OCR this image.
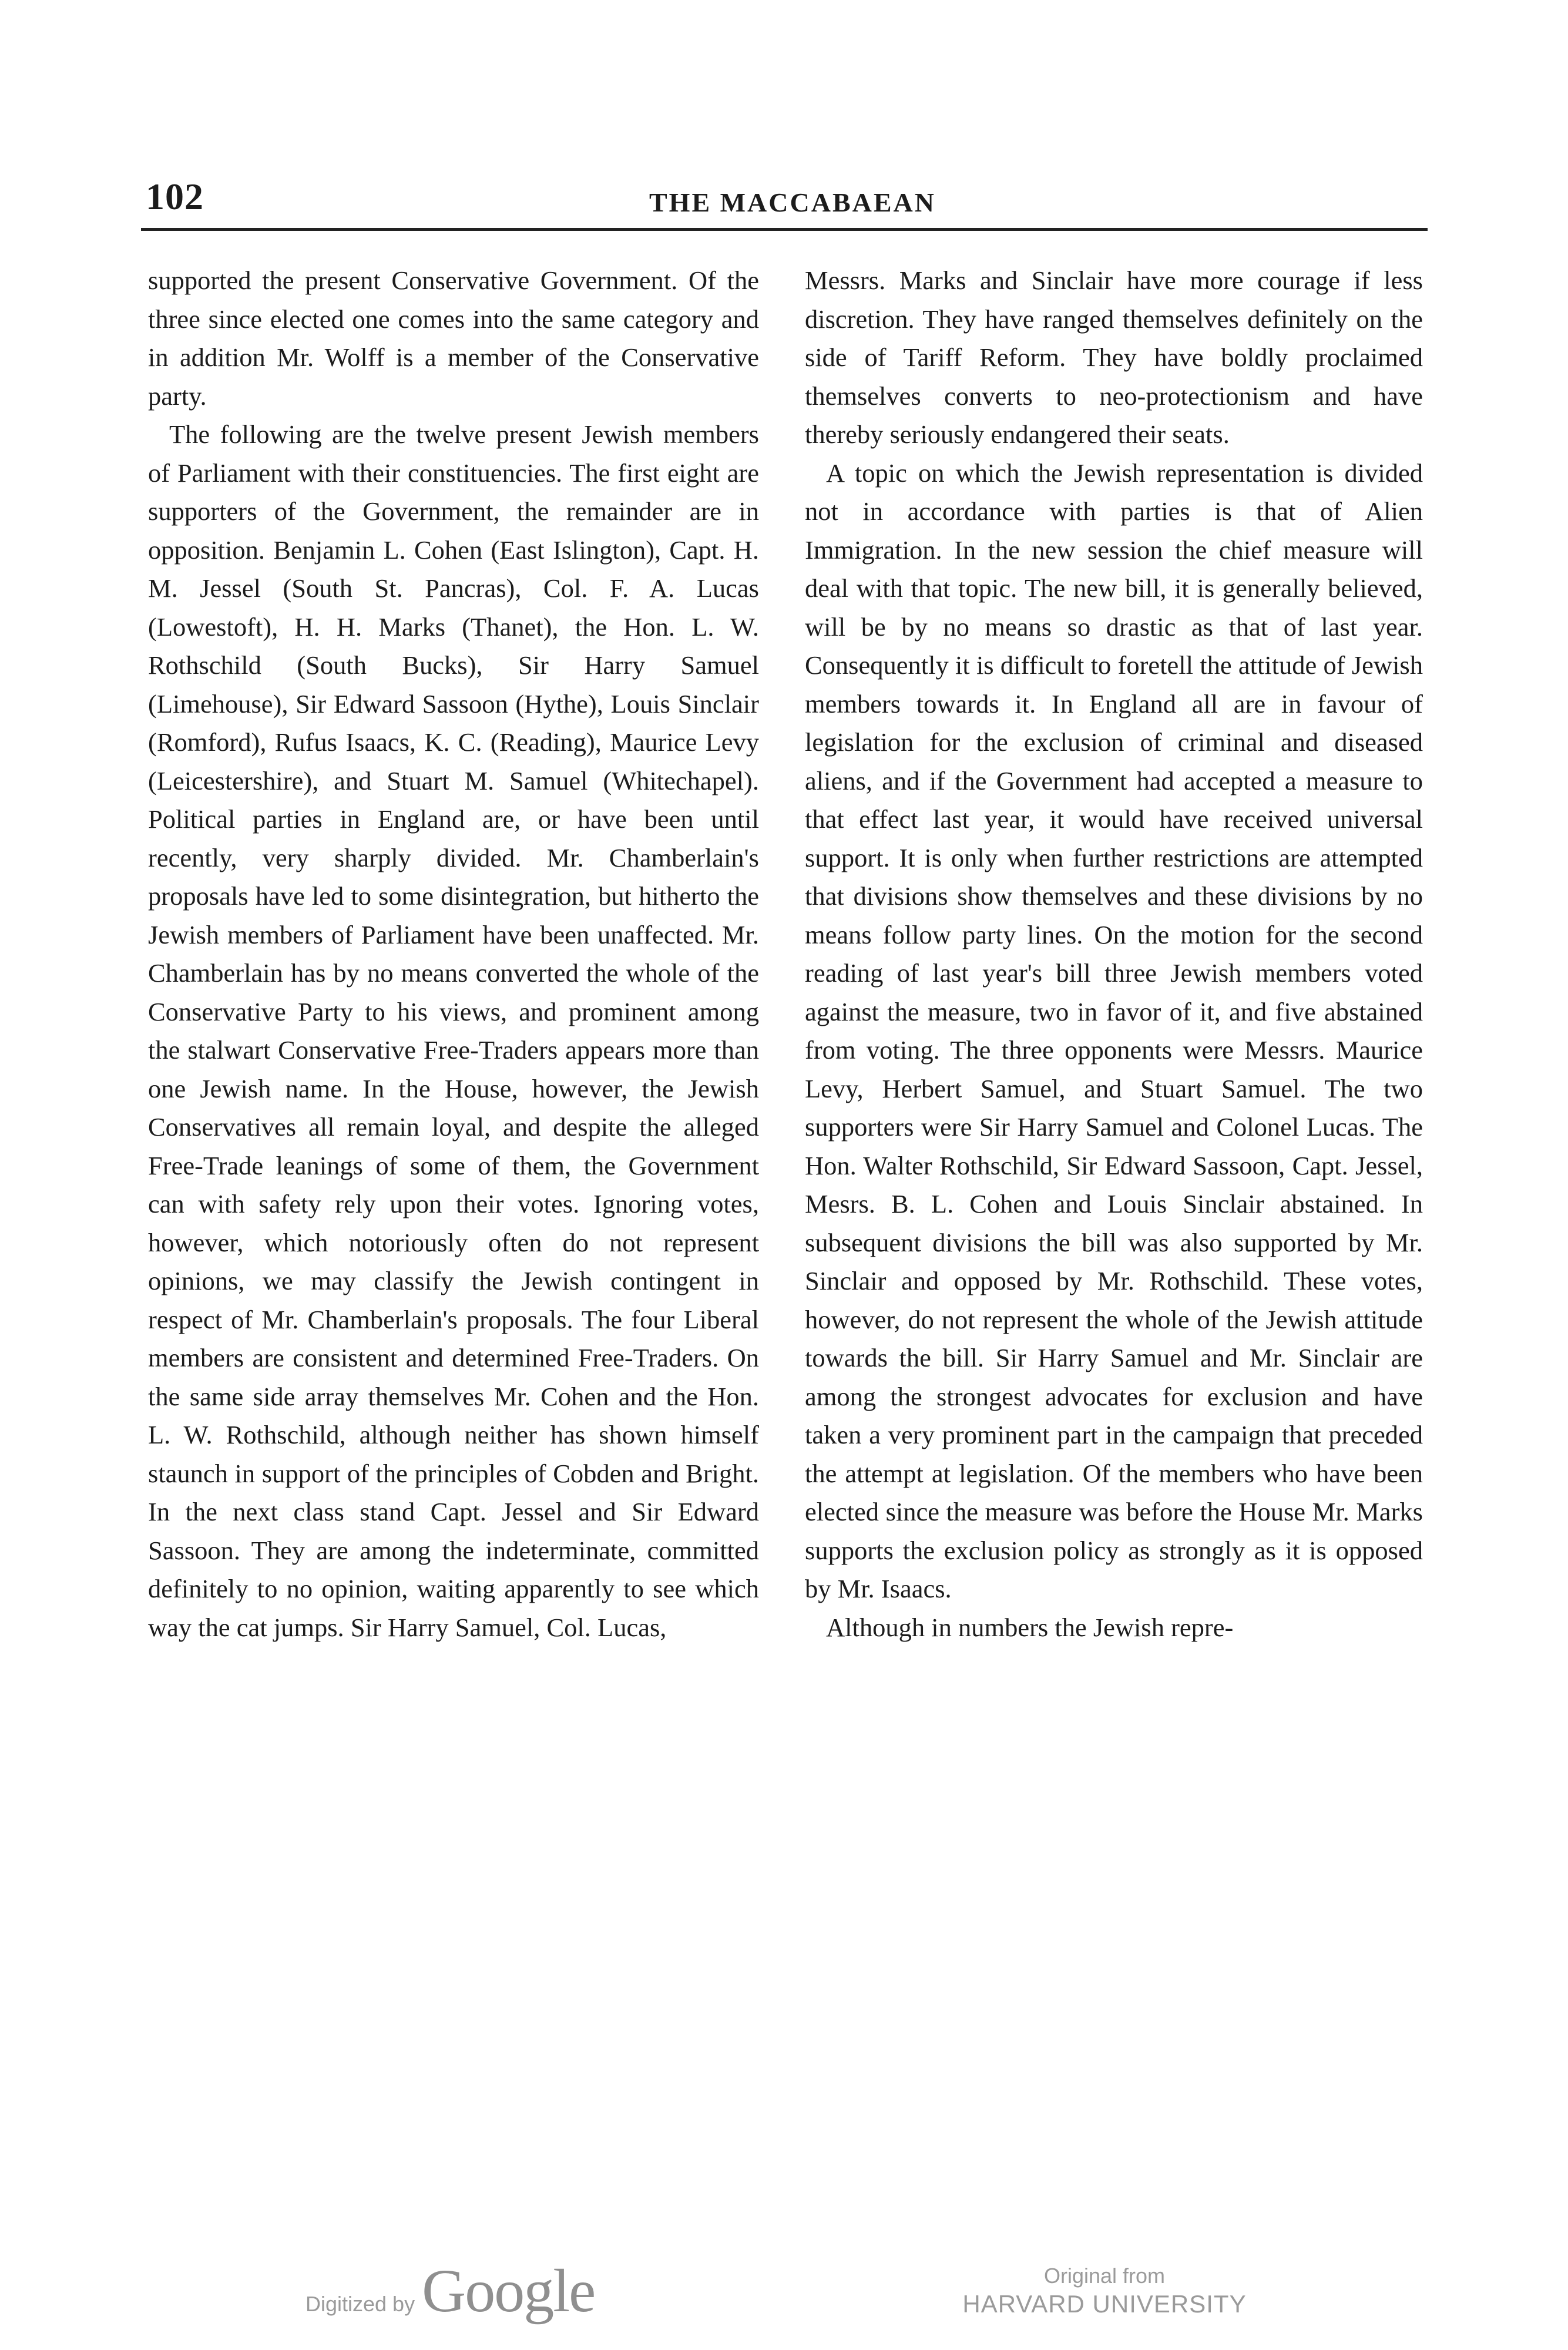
102	THE MACCABAEAN

supported the present Conservative Government. Of the three since elected one comes into the same category and in addition Mr. Wolff is a member of the Conservative party.

The following are the twelve present Jewish members of Parliament with their constituencies. The first eight are supporters of the Government, the remainder are in opposition. Benjamin L. Cohen (East Islington), Capt. H. M. Jessel (South St. Pancras), Col. F. A. Lucas (Lowestoft), H. H. Marks (Thanet), the Hon. L. W. Rothschild (South Bucks), Sir Harry Samuel (Limehouse), Sir Edward Sassoon (Hythe), Louis Sinclair (Romford), Rufus Isaacs, K. C. (Reading), Maurice Levy (Leicestershire), and Stuart M. Samuel (Whitechapel). Political parties in England are, or have been until recently, very sharply divided. Mr. Chamberlain's proposals have led to some disintegration, but hitherto the Jewish members of Parliament have been unaffected. Mr. Chamberlain has by no means converted the whole of the Conservative Party to his views, and prominent among the stalwart Conservative Free-Traders appears more than one Jewish name. In the House, however, the Jewish Conservatives all remain loyal, and despite the alleged Free-Trade leanings of some of them, the Government can with safety rely upon their votes. Ignoring votes, however, which notoriously often do not represent opinions, we may classify the Jewish contingent in respect of Mr. Chamberlain's proposals. The four Liberal members are consistent and determined Free-Traders. On the same side array themselves Mr. Cohen and the Hon. L. W. Rothschild, although neither has shown himself staunch in support of the principles of Cobden and Bright. In the next class stand Capt. Jessel and Sir Edward Sassoon. They are among the indeterminate, committed definitely to no opinion, waiting apparently to see which way the cat jumps. Sir Harry Samuel, Col. Lucas,

Messrs. Marks and Sinclair have more courage if less discretion. They have ranged themselves definitely on the side of Tariff Reform. They have boldly proclaimed themselves converts to neo-protectionism and have thereby seriously endangered their seats.

A topic on which the Jewish representation is divided not in accordance with parties is that of Alien Immigration. In the new session the chief measure will deal with that topic. The new bill, it is generally believed, will be by no means so drastic as that of last year. Consequently it is difficult to foretell the attitude of Jewish members towards it. In England all are in favour of legislation for the exclusion of criminal and diseased aliens, and if the Government had accepted a measure to that effect last year, it would have received universal support. It is only when further restrictions are attempted that divisions show themselves and these divisions by no means follow party lines. On the motion for the second reading of last year's bill three Jewish members voted against the measure, two in favor of it, and five abstained from voting. The three opponents were Messrs. Maurice Levy, Herbert Samuel, and Stuart Samuel. The two supporters were Sir Harry Samuel and Colonel Lucas. The Hon. Walter Rothschild, Sir Edward Sassoon, Capt. Jessel, Mesrs. B. L. Cohen and Louis Sinclair abstained. In subsequent divisions the bill was also supported by Mr. Sinclair and opposed by Mr. Rothschild. These votes, however, do not represent the whole of the Jewish attitude towards the bill. Sir Harry Samuel and Mr. Sinclair are among the strongest advocates for exclusion and have taken a very prominent part in the campaign that preceded the attempt at legislation. Of the members who have been elected since the measure was before the House Mr. Marks supports the exclusion policy as strongly as it is opposed by Mr. Isaacs.

Although in numbers the Jewish repre-

Digitized by Google	Original from
HARVARD UNIVERSITY
